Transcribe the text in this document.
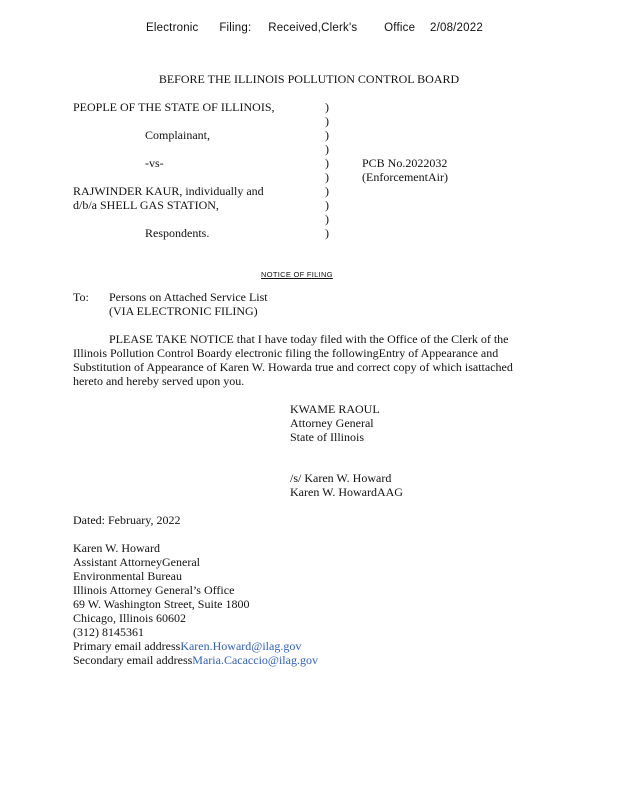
Electronic Filing: Received,Clerk's Office 2/08/2022
BEFORE THE ILLINOIS POLLUTION CONTROL BOARD
PEOPLE OF THE STATE OF ILLINOIS,
Complainant,
-vs-
RAJWINDER KAUR, individually and
d/b/a SHELL GAS STATION,
Respondents.
)
)
)
)
)
)
)
)
)
)
PCB No.2022032
(EnforcementAir)
NOTICE OF FILING
To: Persons on Attached Service List
(VIA ELECTRONIC FILING)
PLEASE TAKE NOTICE that I have today filed with the Office of the Clerk of the
Illinois Pollution Control Boardy electronic filing the followingEntry of Appearance and
Substitution of Appearance of Karen W. Howarda true and correct copy of which isattached
hereto and hereby served upon you.
KWAME RAOUL
Attorney General
State of Illinois
/s/ Karen W. Howard
Karen W. HowardAAG
Dated: February, 2022
Karen W. Howard
Assistant AttorneyGeneral
Environmental Bureau
Illinois Attorney General’s Office
69 W. Washington Street, Suite 1800
Chicago, Illinois 60602
(312) 8145361
Primary email addressKaren.Howard@ilag.gov
Secondary email addressMaria.Cacaccio@ilag.gov
